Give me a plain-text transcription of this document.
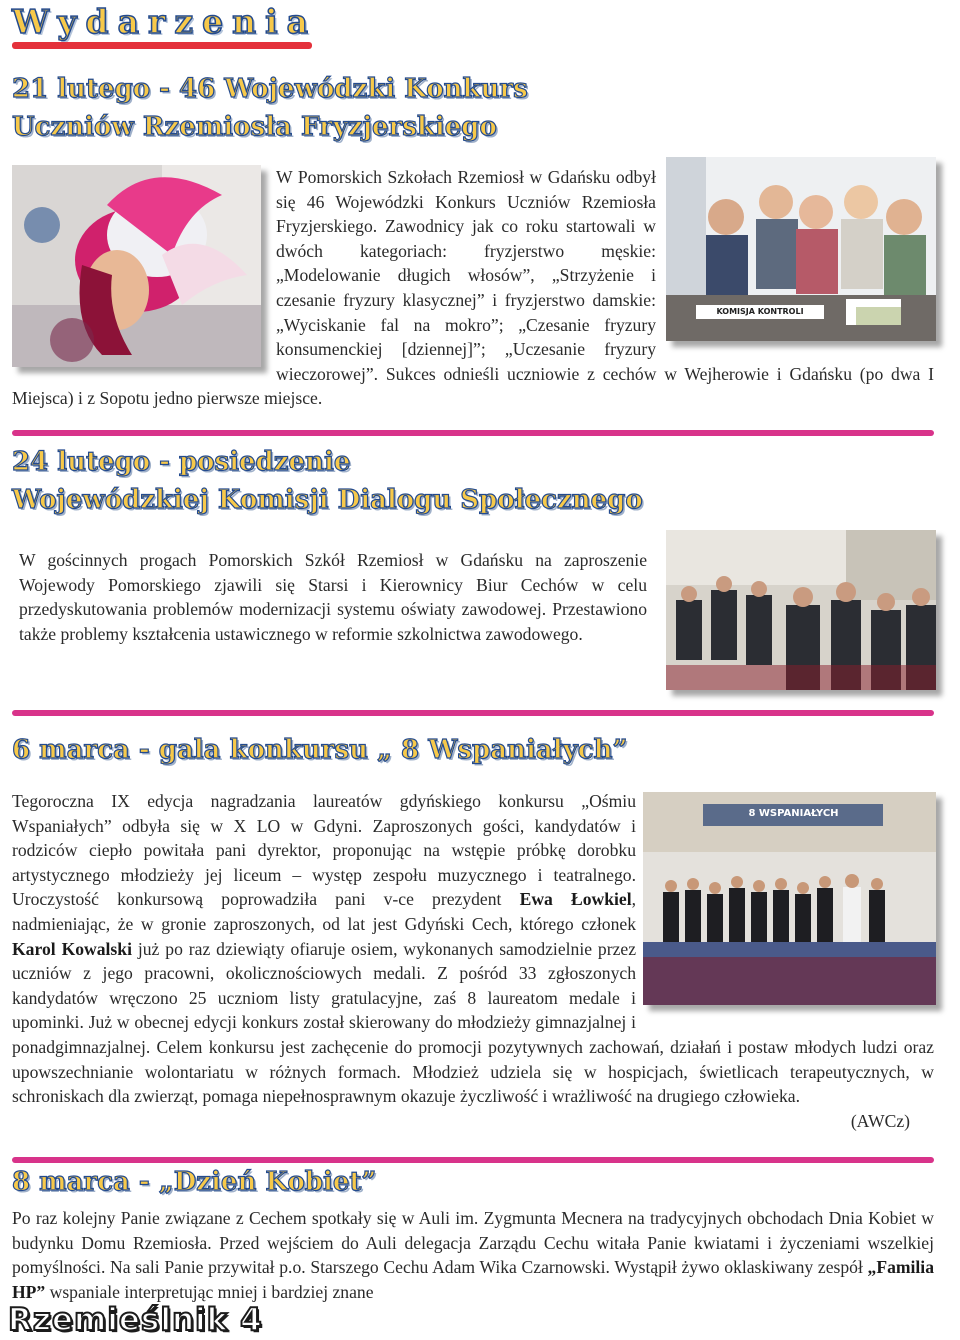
Wydarzenia
21 lutego - 46 Wojewódzki Konkurs
Uczniów Rzemiosła Fryzjerskiego
KOMISJA KONTROLI

W Pomorskich Szkołach Rzemiosł w Gdańsku odbył się 46 Wojewódzki Konkurs Uczniów Rzemiosła Fryzjerskiego. Zawodnicy jak co roku startowali w dwóch kategoriach: fryzjerstwo męskie: „Modelowanie długich włosów”, „Strzyżenie i czesanie fryzury klasycznej” i fryzjerstwo damskie: „Wyciskanie fal na mokro”; „Czesanie fryzury konsumenckiej [dziennej]”; „Uczesanie fryzury wieczorowej”. Sukces odnieśli uczniowie z cechów w Wejherowie i Gdańsku (po dwa I Miejsca) i z Sopotu jedno pierwsze miejsce.

24 lutego - posiedzenie
Wojewódzkiej Komisji Dialogu Społecznego

W gościnnych progach Pomorskich Szkół Rzemiosł w Gdańsku na zaproszenie Wojewody Pomorskiego zjawili się Starsi i Kierownicy Biur Cechów w celu przedyskutowania problemów modernizacji systemu oświaty zawodowej. Przestawiono także problemy kształcenia ustawicznego w reformie szkolnictwa zawodowego.

6 marca - gala konkursu „ 8 Wspaniałych”
8 WSPANIAŁYCH

Tegoroczna IX edycja nagradzania laureatów gdyńskiego konkursu „Ośmiu Wspaniałych” odbyła się w X LO w Gdyni. Zaproszonych gości, kandydatów i rodziców ciepło powitała pani dyrektor, proponując na wstępie próbkę dorobku artystycznego młodzieży jej liceum – występ zespołu muzycznego i teatralnego. Uroczystość konkursową poprowadziła pani v-ce prezydent Ewa Łowkiel, nadmieniając, że w gronie zaproszonych, od lat jest Gdyński Cech, którego członek Karol Kowalski już po raz dziewiąty ofiaruje osiem, wykonanych samodzielnie przez uczniów z jego pracowni, okolicznościowych medali. Z pośród 33 zgłoszonych kandydatów wręczono 25 uczniom listy gratulacyjne, zaś 8 laureatom medale i upominki. Już w obecnej edycji konkurs został skierowany do młodzieży gimnazjalnej i ponadgimnazjalnej. Celem konkursu jest zachęcenie do promocji pozytywnych zachowań, działań i postaw młodych ludzi oraz upowszechnianie wolontariatu w różnych formach. Młodzież udziela się w hospicjach, świetlicach terapeutycznych, w schroniskach dla zwierząt, pomaga niepełnosprawnym okazuje życzliwość i wrażliwość na drugiego człowieka.

(AWCz)
8 marca - „Dzień Kobiet”

Po raz kolejny Panie związane z Cechem spotkały się w Auli im. Zygmunta Mecnera na tradycyjnych obchodach Dnia Kobiet w budynku Domu Rzemiosła. Przed wejściem do Auli delegacja Zarządu Cechu witała Panie kwiatami i życzeniami wszelkiej pomyślności. Na sali Panie przywitał p.o. Starszego Cechu Adam Wika Czarnowski. Wystąpił żywo oklaskiwany zespół „Familia HP” wspaniale interpretując mniej i bardziej znane

Rzemieślnik 4
